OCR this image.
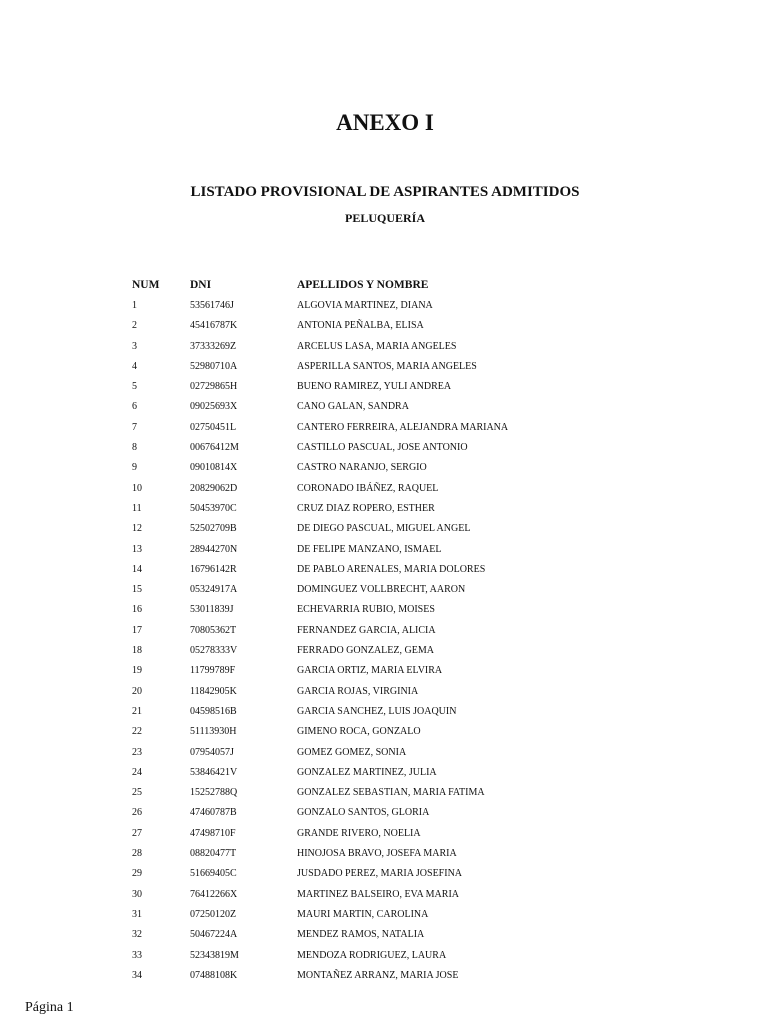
ANEXO I
LISTADO PROVISIONAL DE ASPIRANTES ADMITIDOS
PELUQUERÍA
NUM	DNI	APELLIDOS Y NOMBRE
1	53561746J	ALGOVIA MARTINEZ, DIANA
2	45416787K	ANTONIA PEÑALBA, ELISA
3	37333269Z	ARCELUS LASA, MARIA ANGELES
4	52980710A	ASPERILLA SANTOS, MARIA ANGELES
5	02729865H	BUENO RAMIREZ, YULI ANDREA
6	09025693X	CANO GALAN, SANDRA
7	02750451L	CANTERO FERREIRA, ALEJANDRA MARIANA
8	00676412M	CASTILLO PASCUAL, JOSE ANTONIO
9	09010814X	CASTRO NARANJO, SERGIO
10	20829062D	CORONADO IBÁÑEZ, RAQUEL
11	50453970C	CRUZ DIAZ ROPERO, ESTHER
12	52502709B	DE DIEGO PASCUAL, MIGUEL ANGEL
13	28944270N	DE FELIPE MANZANO, ISMAEL
14	16796142R	DE PABLO ARENALES, MARIA DOLORES
15	05324917A	DOMINGUEZ VOLLBRECHT, AARON
16	53011839J	ECHEVARRIA RUBIO, MOISES
17	70805362T	FERNANDEZ GARCIA, ALICIA
18	05278333V	FERRADO GONZALEZ, GEMA
19	11799789F	GARCIA ORTIZ, MARIA ELVIRA
20	11842905K	GARCIA ROJAS, VIRGINIA
21	04598516B	GARCIA SANCHEZ, LUIS JOAQUIN
22	51113930H	GIMENO ROCA, GONZALO
23	07954057J	GOMEZ GOMEZ, SONIA
24	53846421V	GONZALEZ MARTINEZ, JULIA
25	15252788Q	GONZALEZ SEBASTIAN, MARIA FATIMA
26	47460787B	GONZALO SANTOS, GLORIA
27	47498710F	GRANDE RIVERO, NOELIA
28	08820477T	HINOJOSA BRAVO, JOSEFA MARIA
29	51669405C	JUSDADO PEREZ, MARIA JOSEFINA
30	76412266X	MARTINEZ BALSEIRO, EVA MARIA
31	07250120Z	MAURI MARTIN, CAROLINA
32	50467224A	MENDEZ RAMOS, NATALIA
33	52343819M	MENDOZA RODRIGUEZ, LAURA
34	07488108K	MONTAÑEZ ARRANZ, MARIA JOSE
Página 1
